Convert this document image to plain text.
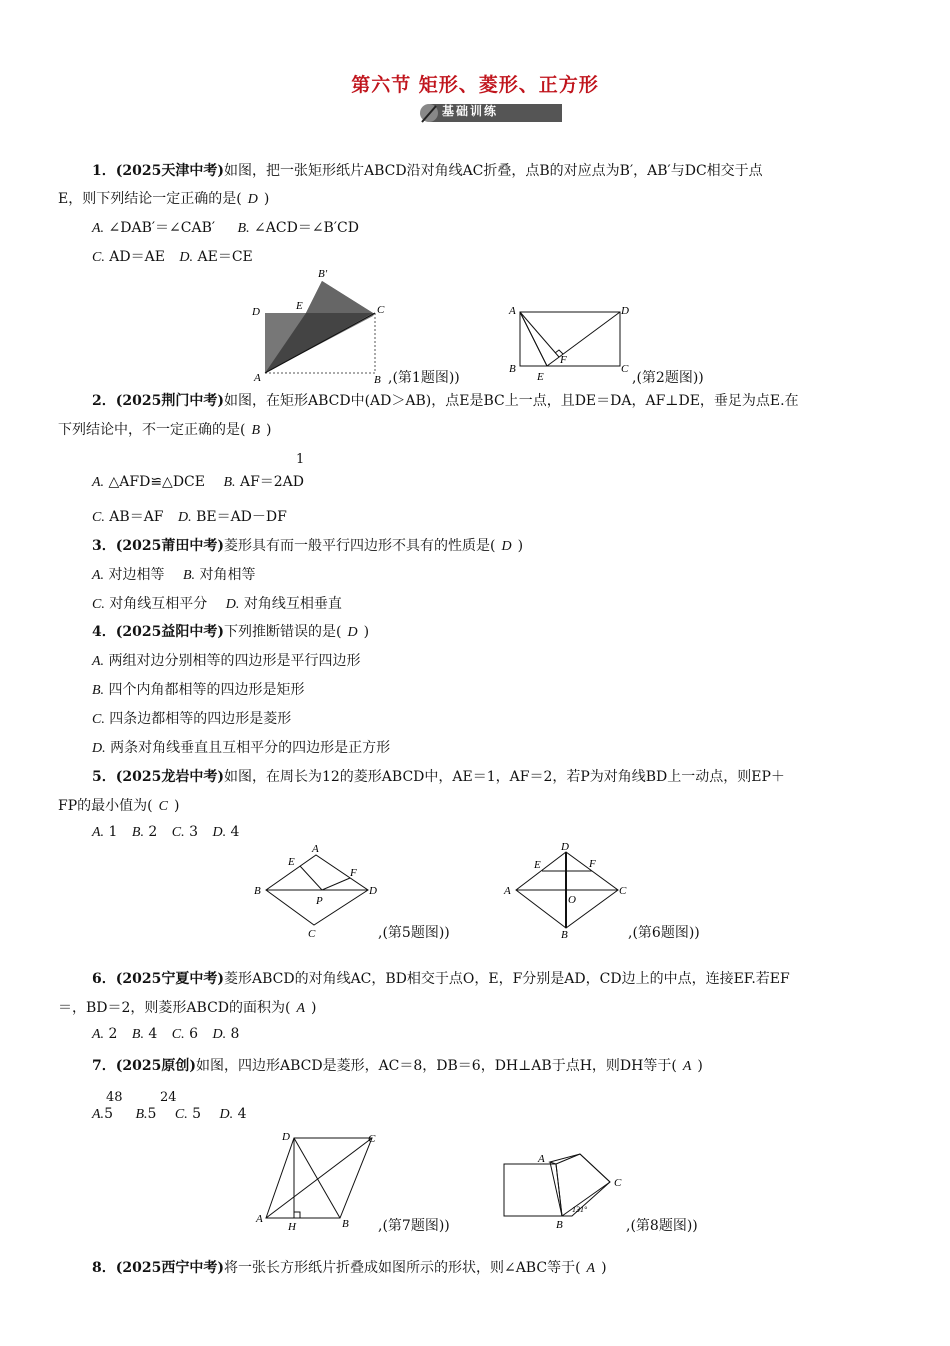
第六节 矩形、菱形、正方形
基础训练
1．(2025天津中考)如图，把一张矩形纸片ABCD沿对角线AC折叠，点B的对应点为B′，AB′与DC相交于点
E，则下列结论一定正确的是( D )
A. ∠DAB′＝∠CAB′ B. ∠ACD＝∠B′CD
C. AD＝AE D. AE＝CE
D	E
B′
C
A	B ,(第1题图))
A	D
B	C
F
E	,(第2题图))
2．(2025荆门中考)如图，在矩形ABCD中(AD＞AB)，点E是BC上一点，且DE＝DA，AF⊥DE，垂足为点E.在
下列结论中，不一定正确的是( B )
1
A. △AFD≌△DCE B. AF＝2AD
C. AB＝AF D. BE＝AD－DF
3．(2025莆田中考)菱形具有而一般平行四边形不具有的性质是( D )
A. 对边相等 B. 对角相等
C. 对角线互相平分 D. 对角线互相垂直
4．(2025益阳中考)下列推断错误的是( D )
A. 两组对边分别相等的四边形是平行四边形
B. 四个内角都相等的四边形是矩形
C. 四条边都相等的四边形是菱形
D. 两条对角线垂直且互相平分的四边形是正方形
5．(2025龙岩中考)如图，在周长为12的菱形ABCD中，AE＝1，AF＝2，若P为对角线BD上一动点，则EP＋
FP的最小值为( C )
A. 1 B. 2 C. 3 D. 4
B
E
A
F
D
P
C	,(第5题图))
A
E
D
F
C
O
B	,(第6题图))
6．(2025宁夏中考)菱形ABCD的对角线AC，BD相交于点O，E，F分别是AD，CD边上的中点，连接EF.若EF
＝，BD＝2，则菱形ABCD的面积为( A )
A. 2 B. 4 C. 6 D. 8
7．(2025原创)如图，四边形ABCD是菱形，AC＝8，DB＝6，DH⊥AB于点H，则DH等于( A )
48	24
A.5 B.5 C. 5 D. 4
D	C
A
H	B ,(第7题图))
A
C
B
131°
,(第8题图))
8．(2025西宁中考)将一张长方形纸片折叠成如图所示的形状，则∠ABC等于( A )
